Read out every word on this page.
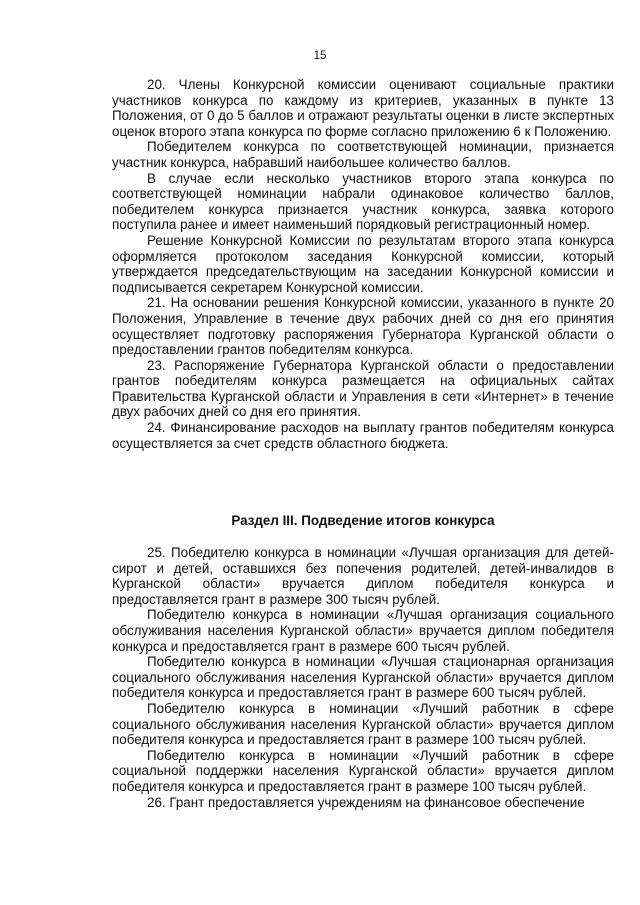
15

20. Члены Конкурсной комиссии оценивают социальные практики участников конкурса по каждому из критериев, указанных в пункте 13 Положения, от 0 до 5 баллов и отражают результаты оценки в листе экспертных оценок второго этапа конкурса по форме согласно приложению 6 к Положению.

Победителем конкурса по соответствующей номинации, признается участник конкурса, набравший наибольшее количество баллов.

В случае если несколько участников второго этапа конкурса по соответствующей номинации набрали одинаковое количество баллов, победителем конкурса признается участник конкурса, заявка которого поступила ранее и имеет наименьший порядковый регистрационный номер.

Решение Конкурсной Комиссии по результатам второго этапа конкурса оформляется протоколом заседания Конкурсной комиссии, который утверждается председательствующим на заседании Конкурсной комиссии и подписывается секретарем Конкурсной комиссии.

21. На основании решения Конкурсной комиссии, указанного в пункте 20 Положения, Управление в течение двух рабочих дней со дня его принятия осуществляет подготовку распоряжения Губернатора Курганской области о предоставлении грантов победителям конкурса.

23. Распоряжение Губернатора Курганской области о предоставлении грантов победителям конкурса размещается на официальных сайтах Правительства Курганской области и Управления в сети «Интернет» в течение двух рабочих дней со дня его принятия.

24. Финансирование расходов на выплату грантов победителям конкурса осуществляется за счет средств областного бюджета.

Раздел III. Подведение итогов конкурса

25. Победителю конкурса в номинации «Лучшая организация для детей-сирот и детей, оставшихся без попечения родителей, детей-инвалидов в Курганской области» вручается диплом победителя конкурса и предоставляется грант в размере 300 тысяч рублей.

Победителю конкурса в номинации «Лучшая организация социального обслуживания населения Курганской области» вручается диплом победителя конкурса и предоставляется грант в размере 600 тысяч рублей.

Победителю конкурса в номинации «Лучшая стационарная организация социального обслуживания населения Курганской области» вручается диплом победителя конкурса и предоставляется грант в размере 600 тысяч рублей.

Победителю конкурса в номинации «Лучший работник в сфере социального обслуживания населения Курганской области» вручается диплом победителя конкурса и предоставляется грант в размере 100 тысяч рублей.

Победителю конкурса в номинации «Лучший работник в сфере социальной поддержки населения Курганской области» вручается диплом победителя конкурса и предоставляется грант в размере 100 тысяч рублей.

26. Грант предоставляется учреждениям на финансовое обеспечение
